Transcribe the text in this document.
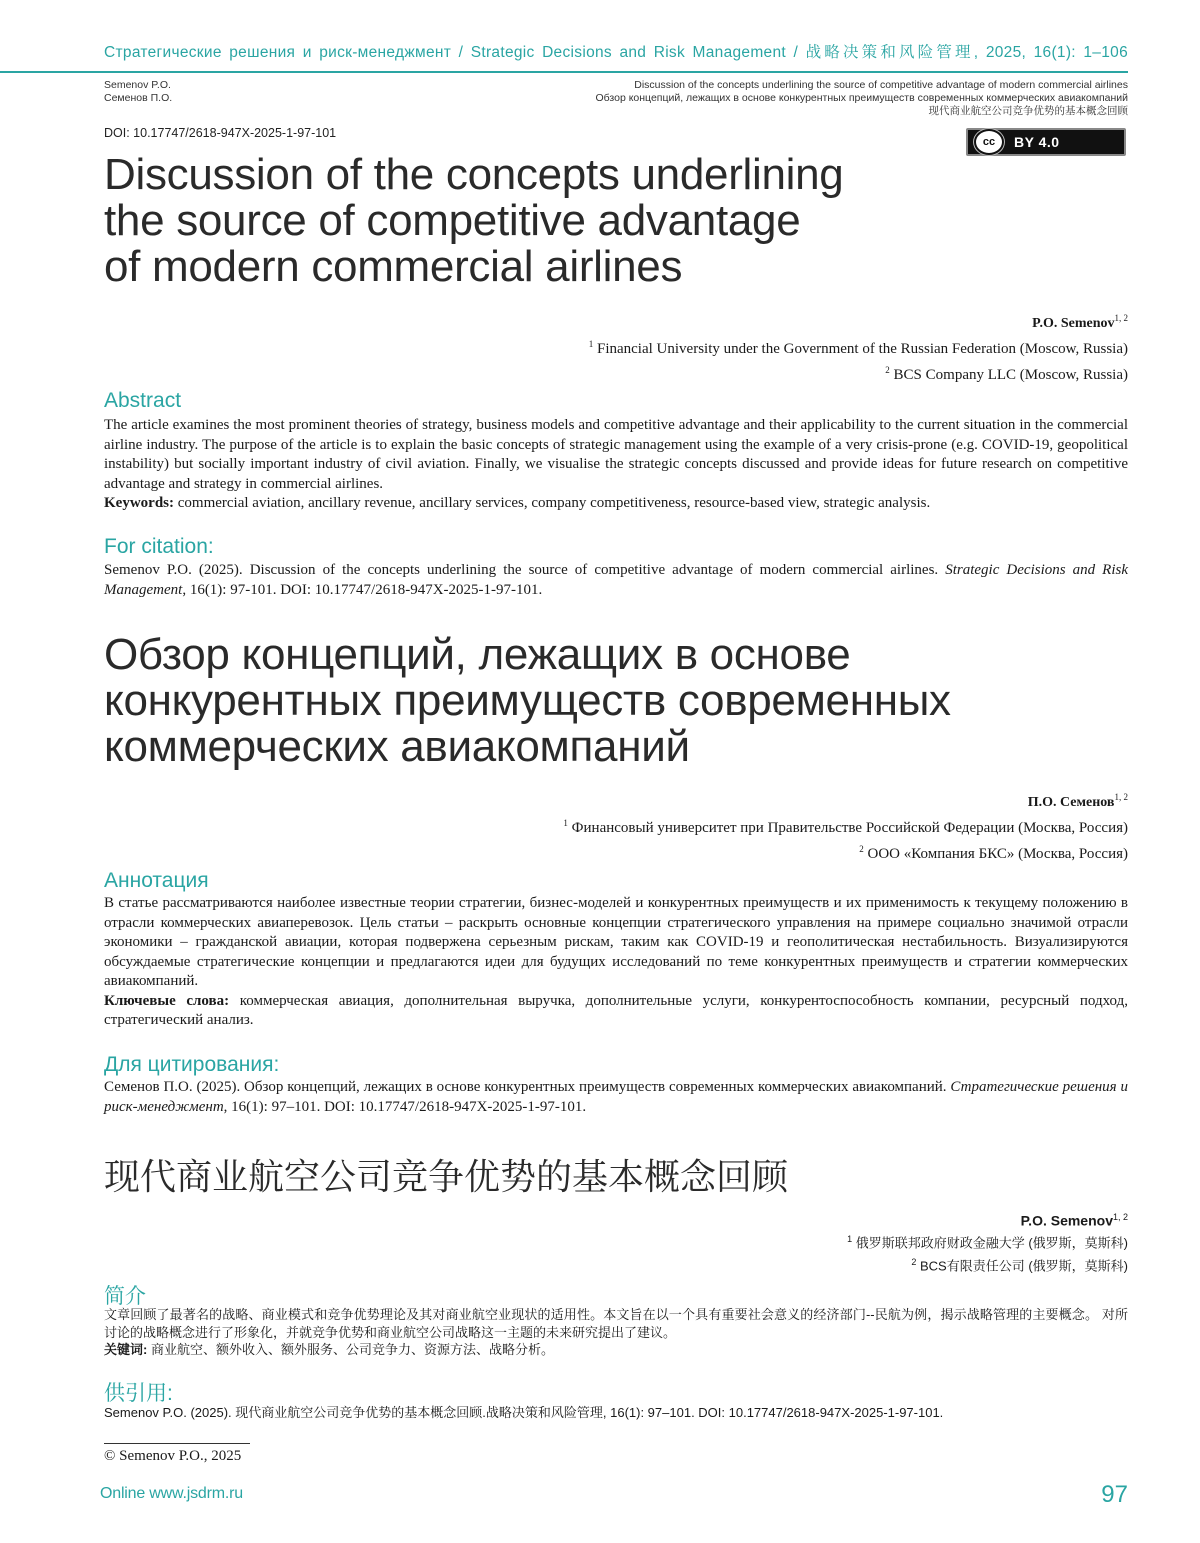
Стратегические решения и риск-менеджмент / Strategic Decisions and Risk Management / 战略决策和风险管理, 2025, 16(1): 1–106
Semenov P.O.
Семенов П.О.
Discussion of the concepts underlining the source of competitive advantage of modern commercial airlines
Обзор концепций, лежащих в основе конкурентных преимуществ современных коммерческих авиакомпаний
现代商业航空公司竞争优势的基本概念回顾
DOI: 10.17747/2618-947X-2025-1-97-101
cc	BY 4.0
Discussion of the concepts underlining
the source of competitive advantage
of modern commercial airlines
P.O. Semenov$^{1, 2}$
$^1$ Financial University under the Government of the Russian Federation (Moscow, Russia)
$^2$ BCS Company LLC (Moscow, Russia)
Abstract
The article examines the most prominent theories of strategy, business models and competitive advantage and their applicability to the current situation in the commercial airline industry. The purpose of the article is to explain the basic concepts of strategic management using the example of a very crisis-prone (e.g. COVID-19, geopolitical instability) but socially important industry of civil aviation. Finally, we visualise the strategic concepts discussed and provide ideas for future research on competitive advantage and strategy in commercial airlines.
Keywords: commercial aviation, ancillary revenue, ancillary services, company competitiveness, resource-based view, strategic analysis.
For citation:
Semenov P.O. (2025). Discussion of the concepts underlining the source of competitive advantage of modern commercial airlines. Strategic Decisions and Risk Management, 16(1): 97-101. DOI: 10.17747/2618-947X-2025-1-97-101.
Обзор концепций, лежащих в основе
конкурентных преимуществ современных
коммерческих авиакомпаний
П.О. Семенов$^{1, 2}$
$^1$ Финансовый университет при Правительстве Российской Федерации (Москва, Россия)
$^2$ ООО «Компания БКС» (Москва, Россия)
Аннотация
В статье рассматриваются наиболее известные теории стратегии, бизнес-моделей и конкурентных преимуществ и их применимость к текущему положению в отрасли коммерческих авиаперевозок. Цель статьи – раскрыть основные концепции стратегического управления на примере социально значимой отрасли экономики – гражданской авиации, которая подвержена серьезным рискам, таким как COVID-19 и геополитическая нестабильность. Визуализируются обсуждаемые стратегические концепции и предлагаются идеи для будущих исследований по теме конкурентных преимуществ и стратегии коммерческих авиакомпаний.
Ключевые слова: коммерческая авиация, дополнительная выручка, дополнительные услуги, конкурентоспособность компании, ресурсный подход, стратегический анализ.
Для цитирования:
Семенов П.О. (2025). Обзор концепций, лежащих в основе конкурентных преимуществ современных коммерческих авиакомпаний. Стратегические решения и риск-менеджмент, 16(1): 97–101. DOI: 10.17747/2618-947X-2025-1-97-101.
现代商业航空公司竞争优势的基本概念回顾
P.O. Semenov$^{1, 2}$
$^1$ 俄罗斯联邦政府财政金融大学 (俄罗斯，莫斯科)
$^2$ BCS有限责任公司 (俄罗斯，莫斯科)
简介
文章回顾了最著名的战略、商业模式和竞争优势理论及其对商业航空业现状的适用性。本文旨在以一个具有重要社会意义的经济部门--民航为例，揭示战略管理的主要概念。 对所讨论的战略概念进行了形象化，并就竞争优势和商业航空公司战略这一主题的未来研究提出了建议。
关键词: 商业航空、额外收入、额外服务、公司竞争力、资源方法、战略分析。
供引用:
Semenov P.O. (2025). 现代商业航空公司竞争优势的基本概念回顾.战略决策和风险管理, 16(1): 97–101. DOI: 10.17747/2618-947X-2025-1-97-101.
© Semenov P.O., 2025
Online www.jsdrm.ru	97
